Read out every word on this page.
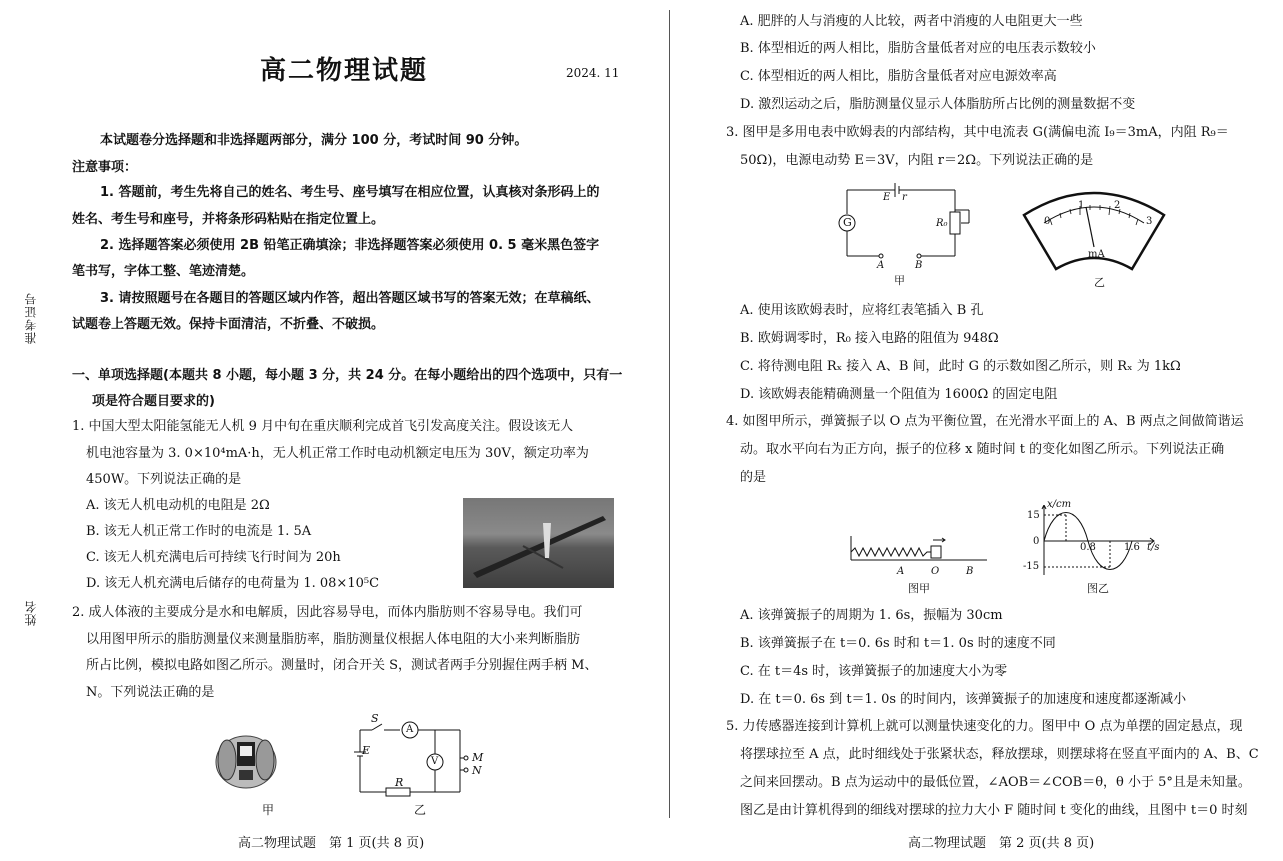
准考证号
姓名
高二物理试题	2024. 11
本试题卷分选择题和非选择题两部分，满分 100 分，考试时间 90 分钟。
注意事项：
1. 答题前，考生先将自己的姓名、考生号、座号填写在相应位置，认真核对条形码上的
姓名、考生号和座号，并将条形码粘贴在指定位置上。
2. 选择题答案必须使用 2B 铅笔正确填涂；非选择题答案必须使用 0. 5 毫米黑色签字
笔书写，字体工整、笔迹清楚。
3. 请按照题号在各题目的答题区域内作答，超出答题区域书写的答案无效；在草稿纸、
试题卷上答题无效。保持卡面清洁，不折叠、不破损。
一、单项选择题(本题共 8 小题，每小题 3 分，共 24 分。在每小题给出的四个选项中，只有一
项是符合题目要求的)
1. 中国大型太阳能氢能无人机 9 月中旬在重庆顺利完成首飞引发高度关注。假设该无人
机电池容量为 3. 0×10⁴mA·h，无人机正常工作时电动机额定电压为 30V，额定功率为
450W。下列说法正确的是
A. 该无人机电动机的电阻是 2Ω
B. 该无人机正常工作时的电流是 1. 5A
C. 该无人机充满电后可持续飞行时间为 20h
D. 该无人机充满电后储存的电荷量为 1. 08×10⁵C
2. 成人体液的主要成分是水和电解质，因此容易导电，而体内脂肪则不容易导电。我们可
以用图甲所示的脂肪测量仪来测量脂肪率，脂肪测量仪根据人体电阻的大小来判断脂肪
所占比例，模拟电路如图乙所示。测量时，闭合开关 S，测试者两手分别握住两手柄 M、
N。下列说法正确的是
甲
S
A
V
E
R
M
N
乙
高二物理试题　第 1 页(共 8 页)
A. 肥胖的人与消瘦的人比较，两者中消瘦的人电阻更大一些
B. 体型相近的两人相比，脂肪含量低者对应的电压表示数较小
C. 体型相近的两人相比，脂肪含量低者对应电源效率高
D. 激烈运动之后，脂肪测量仪显示人体脂肪所占比例的测量数据不变
3. 图甲是多用电表中欧姆表的内部结构，其中电流表 G(满偏电流 I₉＝3mA，内阻 R₉＝
50Ω)，电源电动势 E＝3V，内阻 r＝2Ω。下列说法正确的是
G
E r
R₀
A	B
甲
0
1	2
3
mA
乙
A. 使用该欧姆表时，应将红表笔插入 B 孔
B. 欧姆调零时，R₀ 接入电路的阻值为 948Ω
C. 将待测电阻 Rₓ 接入 A、B 间，此时 G 的示数如图乙所示，则 Rₓ 为 1kΩ
D. 该欧姆表能精确测量一个阻值为 1600Ω 的固定电阻
4. 如图甲所示，弹簧振子以 O 点为平衡位置，在光滑水平面上的 A、B 两点之间做简谐运
动。取水平向右为正方向，振子的位移 x 随时间 t 的变化如图乙所示。下列说法正确
的是
A	O	B
图甲
x/cm
t/s
15
0
-15
0.8	1.6
图乙
A. 该弹簧振子的周期为 1. 6s，振幅为 30cm
B. 该弹簧振子在 t＝0. 6s 时和 t＝1. 0s 时的速度不同
C. 在 t＝4s 时，该弹簧振子的加速度大小为零
D. 在 t＝0. 6s 到 t＝1. 0s 的时间内，该弹簧振子的加速度和速度都逐渐减小
5. 力传感器连接到计算机上就可以测量快速变化的力。图甲中 O 点为单摆的固定悬点，现
将摆球拉至 A 点，此时细线处于张紧状态，释放摆球，则摆球将在竖直平面内的 A、B、C
之间来回摆动。B 点为运动中的最低位置，∠AOB＝∠COB＝θ，θ 小于 5°且是未知量。
图乙是由计算机得到的细线对摆球的拉力大小 F 随时间 t 变化的曲线，且图中 t＝0 时刻
高二物理试题　第 2 页(共 8 页)
